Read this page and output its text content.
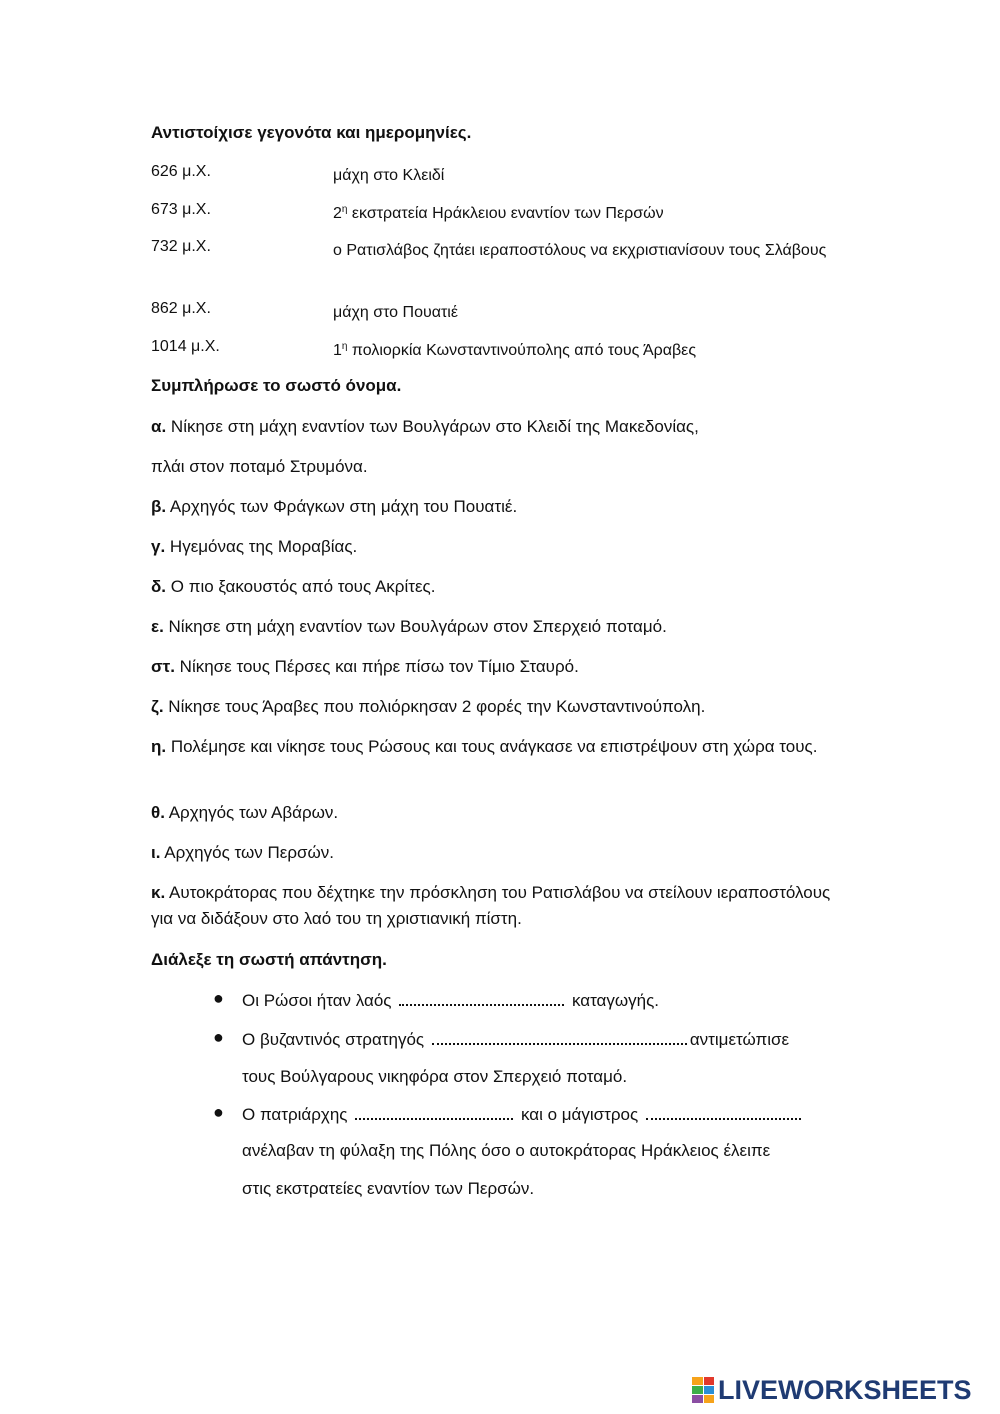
Αντιστοίχισε γεγονότα και ημερομηνίες.
626 μ.Χ.	μάχη στο Κλειδί
673 μ.Χ.	$2^\eta$ εκστρατεία Ηράκλειου εναντίον των Περσών
732 μ.Χ.	ο Ρατισλάβος ζητάει ιεραποστόλους να εκχριστιανίσουν τους Σλάβους
862 μ.Χ.	μάχη στο Πουατιέ
1014 μ.Χ.	$1^\eta$ πολιορκία Κωνσταντινούπολης από τους Άραβες
Συμπλήρωσε το σωστό όνομα.

α. Νίκησε στη μάχη εναντίον των Βουλγάρων στο Κλειδί της Μακεδονίας,

πλάι στον ποταμό Στρυμόνα.

β. Αρχηγός των Φράγκων στη μάχη του Πουατιέ.

γ. Ηγεμόνας της Μοραβίας.

δ. Ο πιο ξακουστός από τους Ακρίτες.

ε. Νίκησε στη μάχη εναντίον των Βουλγάρων στον Σπερχειό ποταμό.

στ. Νίκησε τους Πέρσες και πήρε πίσω τον Τίμιο Σταυρό.

ζ. Νίκησε τους Άραβες που πολιόρκησαν 2 φορές την Κωνσταντινούπολη.

η. Πολέμησε και νίκησε τους Ρώσους και τους ανάγκασε να επιστρέψουν στη χώρα τους.

θ. Αρχηγός των Αβάρων.

ι. Αρχηγός των Περσών.

κ. Αυτοκράτορας που δέχτηκε την πρόσκληση του Ρατισλάβου να στείλουν ιεραποστόλους για να διδάξουν στο λαό του τη χριστιανική πίστη.

Διάλεξε τη σωστή απάντηση.
● Οι Ρώσοι ήταν λαός	καταγωγής.
● Ο βυζαντινός στρατηγός	αντιμετώπισε
τους Βούλγαρους νικηφόρα στον Σπερχειό ποταμό.
● Ο πατριάρχης	και ο μάγιστρος
ανέλαβαν τη φύλαξη της Πόλης όσο ο αυτοκράτορας Ηράκλειος έλειπε
στις εκστρατείες εναντίον των Περσών.
LIVEWORKSHEETS
